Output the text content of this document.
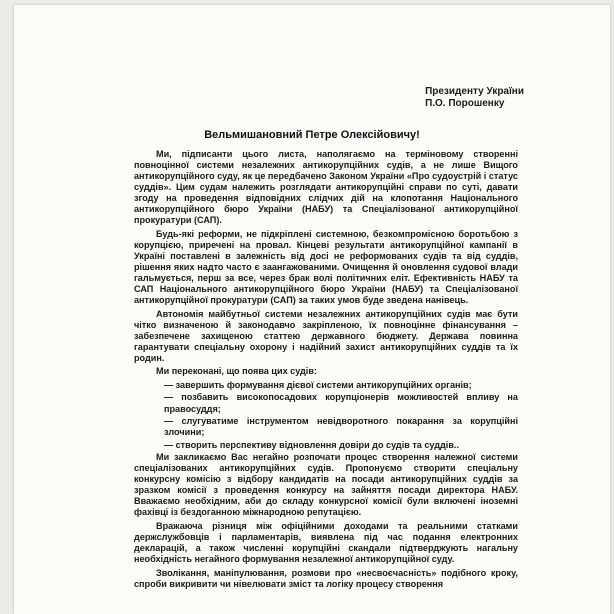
Президенту України
П.О. Порошенку
Вельмишановний Петре Олексійовичу!

Ми, підписанти цього листа, наполягаємо на терміновому створенні повноцінної системи незалежних антикорупційних судів, а не лише Вищого антикорупційного суду, як це передбачено Законом України «Про судоустрій і статус суддів». Цим судам належить розглядати антикорупційні справи по суті, давати згоду на проведення відповідних слідчих дій на клопотання Національного антикорупційного бюро України (НАБУ) та Спеціалізованої антикорупційної прокуратури (САП).

Будь-які реформи, не підкріплені системною, безкомпромісною боротьбою з корупцією, приречені на провал. Кінцеві результати антикорупційної кампанії в Україні поставлені в залежність від досі не реформованих судів та від суддів, рішення яких надто часто є заангажованими. Очищення й оновлення судової влади гальмується, перш за все, через брак волі політичних еліт. Ефективність НАБУ та САП Національного антикорупційного бюро України (НАБУ) та Спеціалізованої антикорупційної прокуратури (САП) за таких умов буде зведена нанівець.

Автономія майбутньої системи незалежних антикорупційних судів має бути чітко визначеною й законодавчо закріпленою, їх повноцінне фінансування – забезпечене захищеною статтею державного бюджету. Держава повинна гарантувати спеціальну охорону і надійний захист антикорупційних суддів та їх родин.

Ми переконані, що поява цих судів:

— завершить формування дієвої системи антикорупційних органів;

— позбавить високопосадових корупціонерів можливостей впливу на правосуддя;

— слугуватиме інструментом невідворотного покарання за корупційні злочини;

— створить перспективу відновлення довіри до судів та суддів..

Ми закликаємо Вас негайно розпочати процес створення належної системи спеціалізованих антикорупційних судів. Пропонуємо створити спеціальну конкурсну комісію з відбору кандидатів на посади антикорупційних суддів за зразком комісії з проведення конкурсу на зайняття посади директора НАБУ. Вважаємо необхідним, аби до складу конкурсної комісії були включені іноземні фахівці із бездоганною міжнародною репутацією.

Вражаюча різниця між офіційними доходами та реальними статками держслужбовців і парламентарів, виявлена під час подання електронних декларацій, а також численні корупційні скандали підтверджують нагальну необхідність негайного формування незалежної антикорупційної суду.

Зволікання, маніпулювання, розмови про «несвоєчасність» подібного кроку, спроби викривити чи нівелювати зміст та логіку процесу створення
